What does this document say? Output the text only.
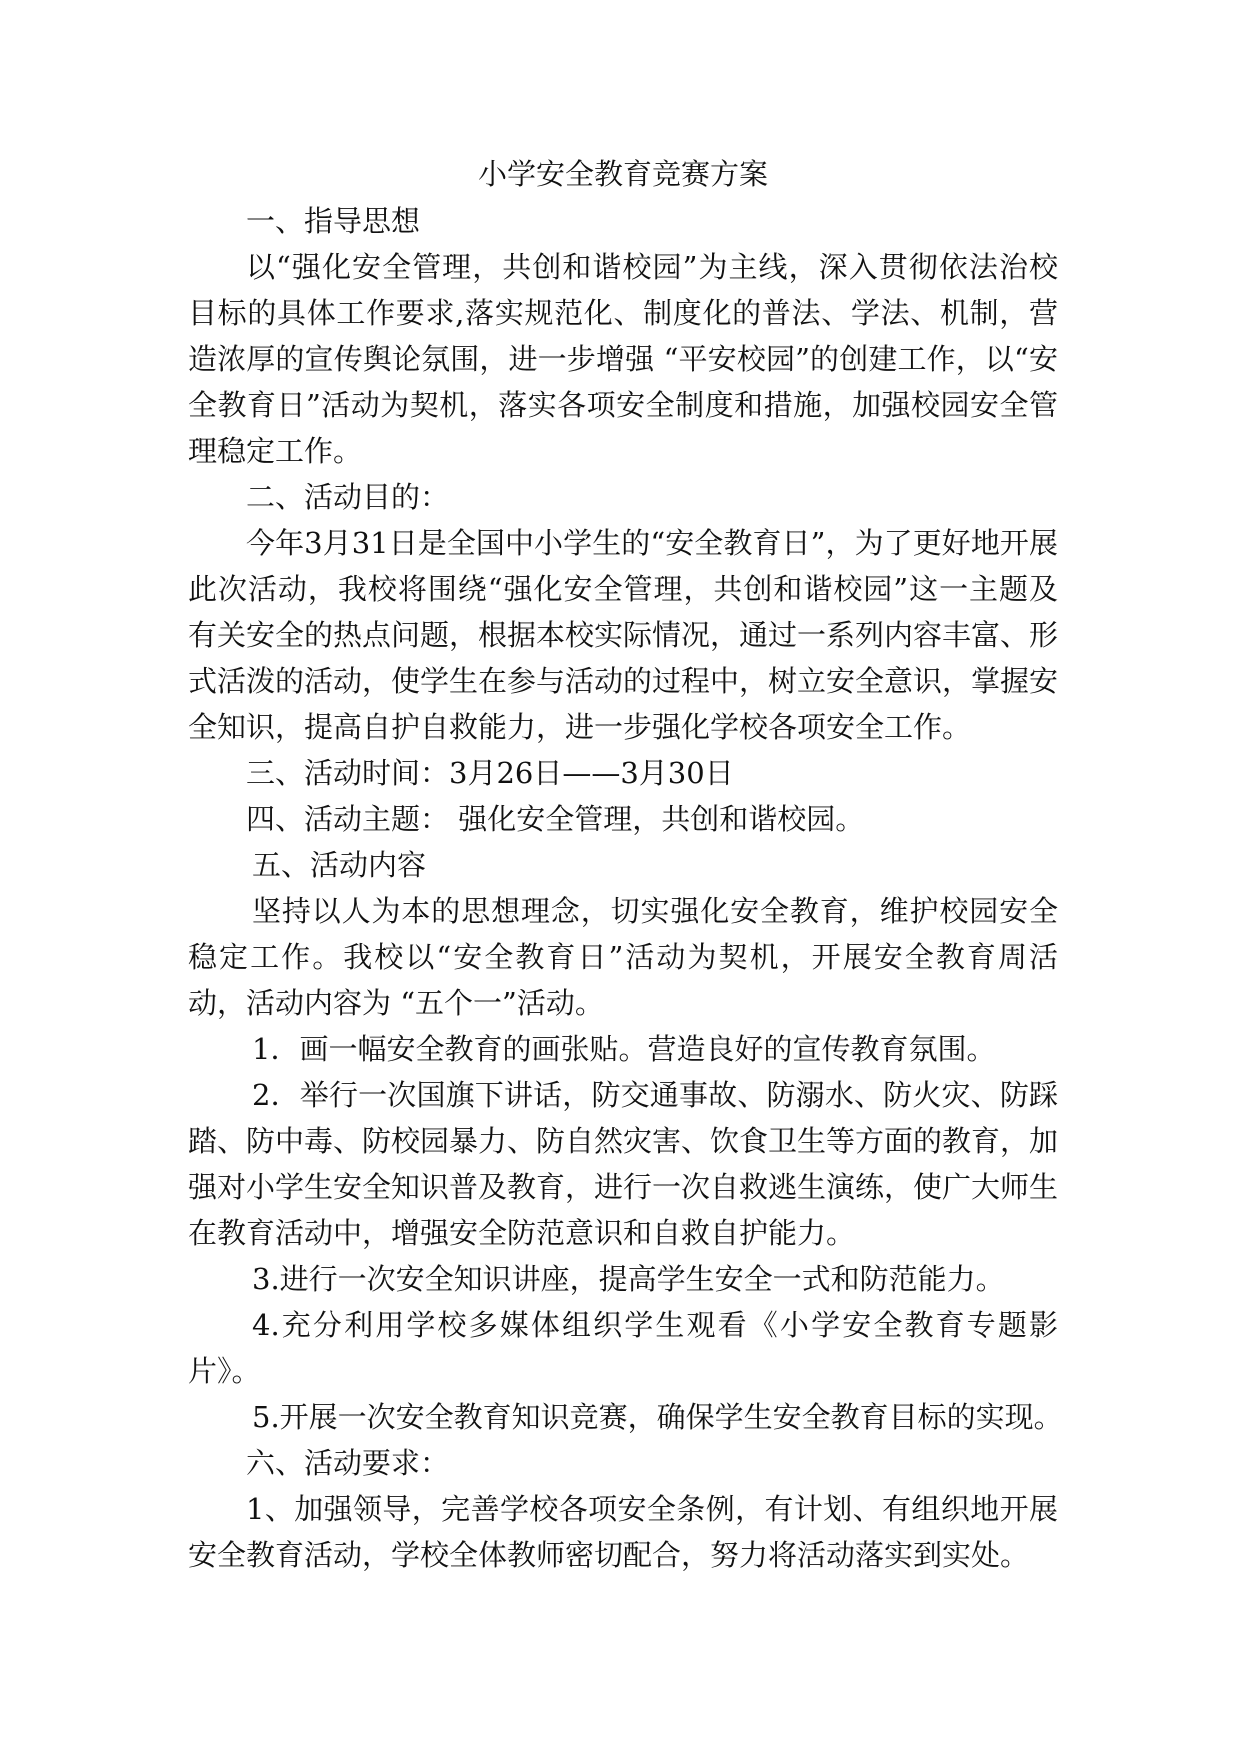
小学安全教育竞赛方案

一、指导思想

以“强化安全管理，共创和谐校园”为主线，深入贯彻依法治校目标的具体工作要求,落实规范化、制度化的普法、学法、机制，营造浓厚的宣传舆论氛围，进一步增强 “平安校园”的创建工作，以“安全教育日”活动为契机，落实各项安全制度和措施，加强校园安全管理稳定工作。

二、活动目的：

今年3月31日是全国中小学生的“安全教育日”，为了更好地开展此次活动，我校将围绕“强化安全管理，共创和谐校园”这一主题及有关安全的热点问题，根据本校实际情况，通过一系列内容丰富、形式活泼的活动，使学生在参与活动的过程中，树立安全意识，掌握安全知识，提高自护自救能力，进一步强化学校各项安全工作。

三、活动时间：3月26日——3月30日

四、活动主题： 强化安全管理，共创和谐校园。

五、活动内容

坚持以人为本的思想理念，切实强化安全教育，维护校园安全稳定工作。我校以“安全教育日”活动为契机，开展安全教育周活动，活动内容为 “五个一”活动。

1．画一幅安全教育的画张贴。营造良好的宣传教育氛围。

2．举行一次国旗下讲话，防交通事故、防溺水、防火灾、防踩踏、防中毒、防校园暴力、防自然灾害、饮食卫生等方面的教育，加强对小学生安全知识普及教育，进行一次自救逃生演练，使广大师生在教育活动中，增强安全防范意识和自救自护能力。

3.进行一次安全知识讲座，提高学生安全一式和防范能力。

4.充分利用学校多媒体组织学生观看《小学安全教育专题影片》。

5.开展一次安全教育知识竞赛，确保学生安全教育目标的实现。

六、活动要求：

1、加强领导，完善学校各项安全条例，有计划、有组织地开展安全教育活动，学校全体教师密切配合，努力将活动落实到实处。
